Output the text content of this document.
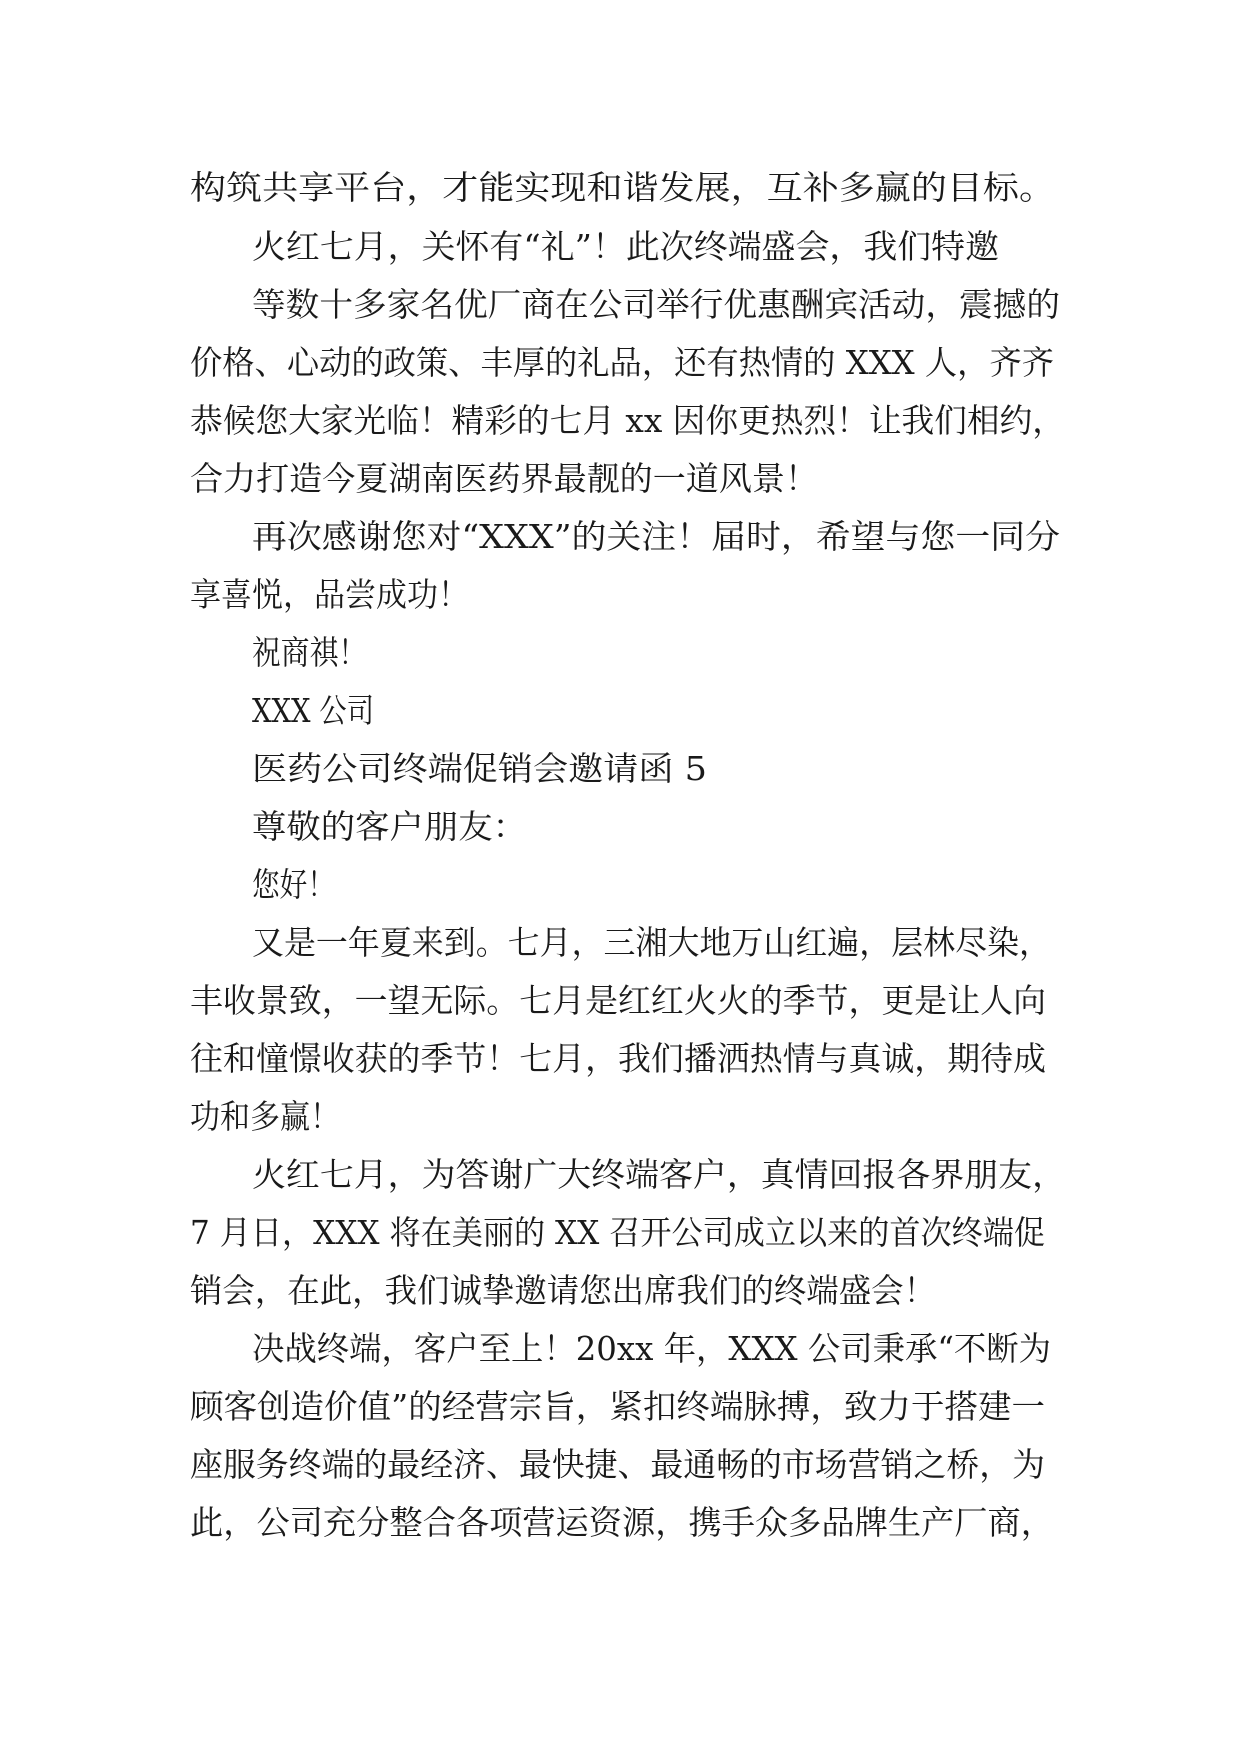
构筑共享平台，才能实现和谐发展，互补多赢的目标。
火红七月，关怀有“礼”！此次终端盛会，我们特邀
等数十多家名优厂商在公司举行优惠酬宾活动，震撼的
价格、心动的政策、丰厚的礼品，还有热情的 XXX 人，齐齐
恭候您大家光临！精彩的七月 xx 因你更热烈！让我们相约，
合力打造今夏湖南医药界最靓的一道风景！
再次感谢您对“XXX”的关注！届时，希望与您一同分
享喜悦，品尝成功！
祝商祺！
XXX 公司
医药公司终端促销会邀请函 5
尊敬的客户朋友：
您好！
又是一年夏来到。七月，三湘大地万山红遍，层林尽染，
丰收景致，一望无际。七月是红红火火的季节，更是让人向
往和憧憬收获的季节！七月，我们播洒热情与真诚，期待成
功和多赢！
火红七月，为答谢广大终端客户，真情回报各界朋友，
7 月日，XXX 将在美丽的 XX 召开公司成立以来的首次终端促
销会，在此，我们诚挚邀请您出席我们的终端盛会！
决战终端，客户至上！20xx 年，XXX 公司秉承“不断为
顾客创造价值”的经营宗旨，紧扣终端脉搏，致力于搭建一
座服务终端的最经济、最快捷、最通畅的市场营销之桥，为
此，公司充分整合各项营运资源，携手众多品牌生产厂商，
